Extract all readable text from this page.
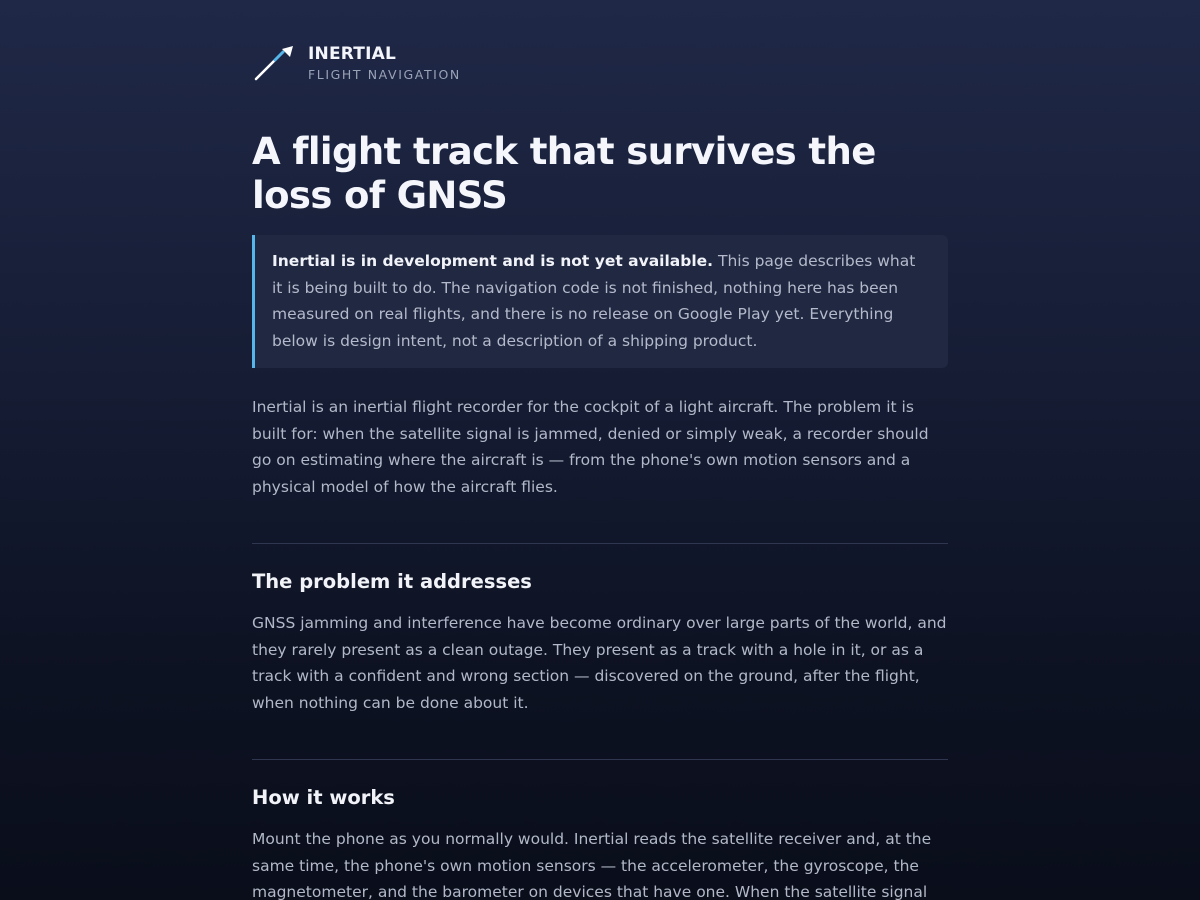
INERTIAL
FLIGHT NAVIGATION
A flight track that survives the loss of GNSS
Inertial is in development and is not yet available. This page describes what it is being built to do. The navigation code is not finished, nothing here has been measured on real flights, and there is no release on Google Play yet. Everything below is design intent, not a description of a shipping product.

Inertial is an inertial flight recorder for the cockpit of a light aircraft. The problem it is built for: when the satellite signal is jammed, denied or simply weak, a recorder should go on estimating where the aircraft is — from the phone's own motion sensors and a physical model of how the aircraft flies.

The problem it addresses

GNSS jamming and interference have become ordinary over large parts of the world, and they rarely present as a clean outage. They present as a track with a hole in it, or as a track with a confident and wrong section — discovered on the ground, after the flight, when nothing can be done about it.

How it works

Mount the phone as you normally would. Inertial reads the satellite receiver and, at the same time, the phone's own motion sensors — the accelerometer, the gyroscope, the magnetometer, and the barometer on devices that have one. When the satellite signal
